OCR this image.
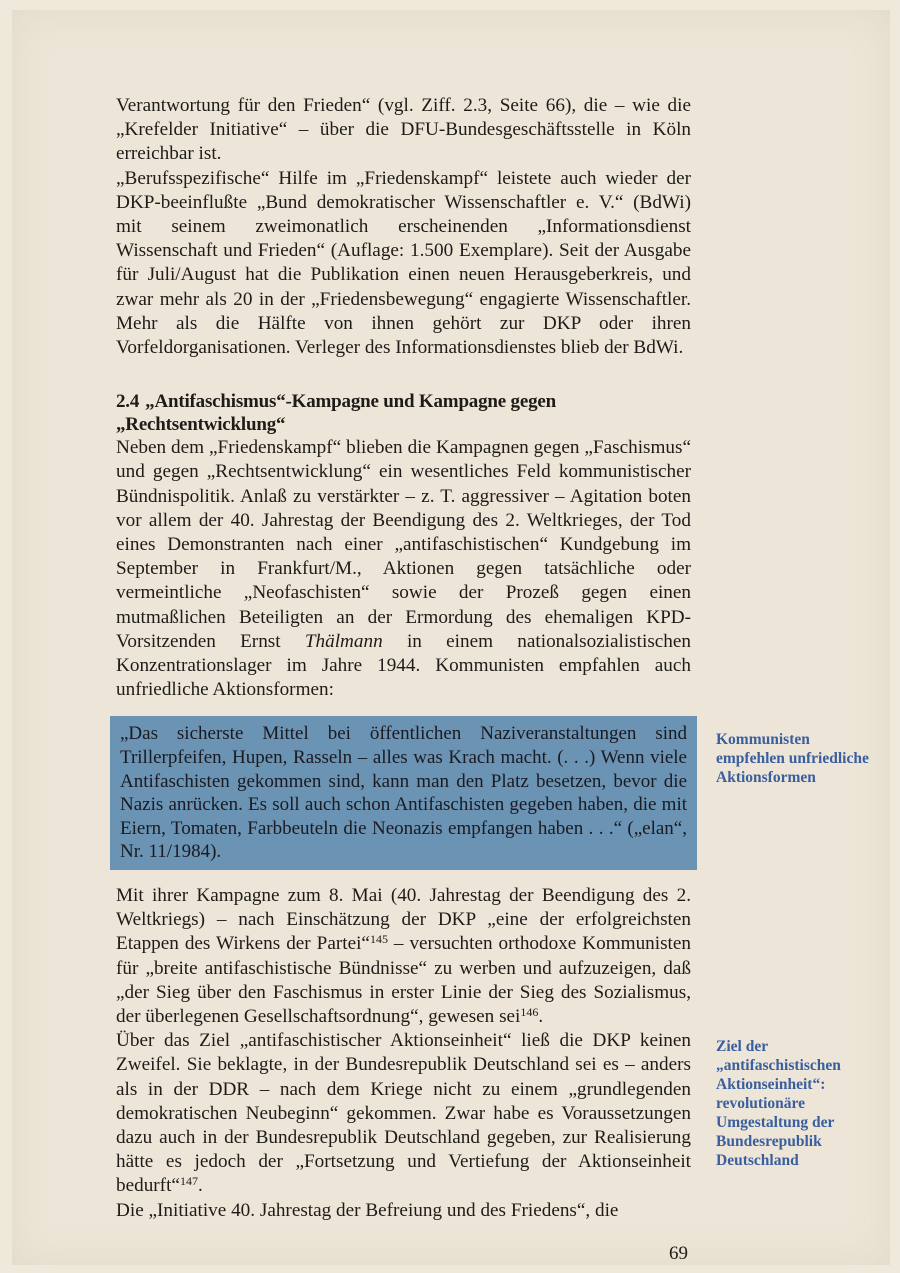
Verantwortung für den Frieden“ (vgl. Ziff. 2.3, Seite 66), die – wie die „Krefelder Initiative“ – über die DFU-Bundesgeschäftsstelle in Köln erreichbar ist.

„Berufsspezifische“ Hilfe im „Friedenskampf“ leistete auch wieder der DKP-beeinflußte „Bund demokratischer Wissenschaftler e. V.“ (BdWi) mit seinem zweimonatlich erscheinenden „Informationsdienst Wissenschaft und Frieden“ (Auflage: 1.500 Exemplare). Seit der Ausgabe für Juli/August hat die Publikation einen neuen Herausgeberkreis, und zwar mehr als 20 in der „Friedensbewegung“ engagierte Wissenschaftler. Mehr als die Hälfte von ihnen gehört zur DKP oder ihren Vorfeldorganisationen. Verleger des Informationsdienstes blieb der BdWi.

2.4 „Antifaschismus“-Kampagne und Kampagne gegen
„Rechtsentwicklung“

Neben dem „Friedenskampf“ blieben die Kampagnen gegen „Faschismus“ und gegen „Rechtsentwicklung“ ein wesentliches Feld kommunistischer Bündnispolitik. Anlaß zu verstärkter – z. T. aggressiver – Agitation boten vor allem der 40. Jahrestag der Beendigung des 2. Weltkrieges, der Tod eines Demonstranten nach einer „antifaschistischen“ Kundgebung im September in Frankfurt/M., Aktionen gegen tatsächliche oder vermeintliche „Neofaschisten“ sowie der Prozeß gegen einen mutmaßlichen Beteiligten an der Ermordung des ehemaligen KPD-Vorsitzenden Ernst Thälmann in einem nationalsozialistischen Konzentrationslager im Jahre 1944. Kommunisten empfahlen auch unfriedliche Aktionsformen:

„Das sicherste Mittel bei öffentlichen Naziveranstaltungen sind Trillerpfeifen, Hupen, Rasseln – alles was Krach macht. (. . .) Wenn viele Antifaschisten gekommen sind, kann man den Platz besetzen, bevor die Nazis anrücken. Es soll auch schon Antifaschisten gegeben haben, die mit Eiern, Tomaten, Farbbeuteln die Neonazis empfangen haben . . .“ („elan“, Nr. 11/1984).

Mit ihrer Kampagne zum 8. Mai (40. Jahrestag der Beendigung des 2. Weltkriegs) – nach Einschätzung der DKP „eine der erfolgreichsten Etappen des Wirkens der Partei“$^{145}$ – versuchten orthodoxe Kommunisten für „breite antifaschistische Bündnisse“ zu werben und aufzuzeigen, daß „der Sieg über den Faschismus in erster Linie der Sieg des Sozialismus, der überlegenen Gesellschaftsordnung“, gewesen sei$^{146}$.

Über das Ziel „antifaschistischer Aktionseinheit“ ließ die DKP keinen Zweifel. Sie beklagte, in der Bundesrepublik Deutschland sei es – anders als in der DDR – nach dem Kriege nicht zu einem „grundlegenden demokratischen Neubeginn“ gekommen. Zwar habe es Voraussetzungen dazu auch in der Bundesrepublik Deutschland gegeben, zur Realisierung hätte es jedoch der „Fortsetzung und Vertiefung der Aktionseinheit bedurft“$^{147}$.

Die „Initiative 40. Jahrestag der Befreiung und des Friedens“, die

Kommunisten empfehlen unfriedliche Aktionsformen
Ziel der „antifaschistischen Aktionseinheit“: revolutionäre Umgestaltung der Bundesrepublik Deutschland
69
